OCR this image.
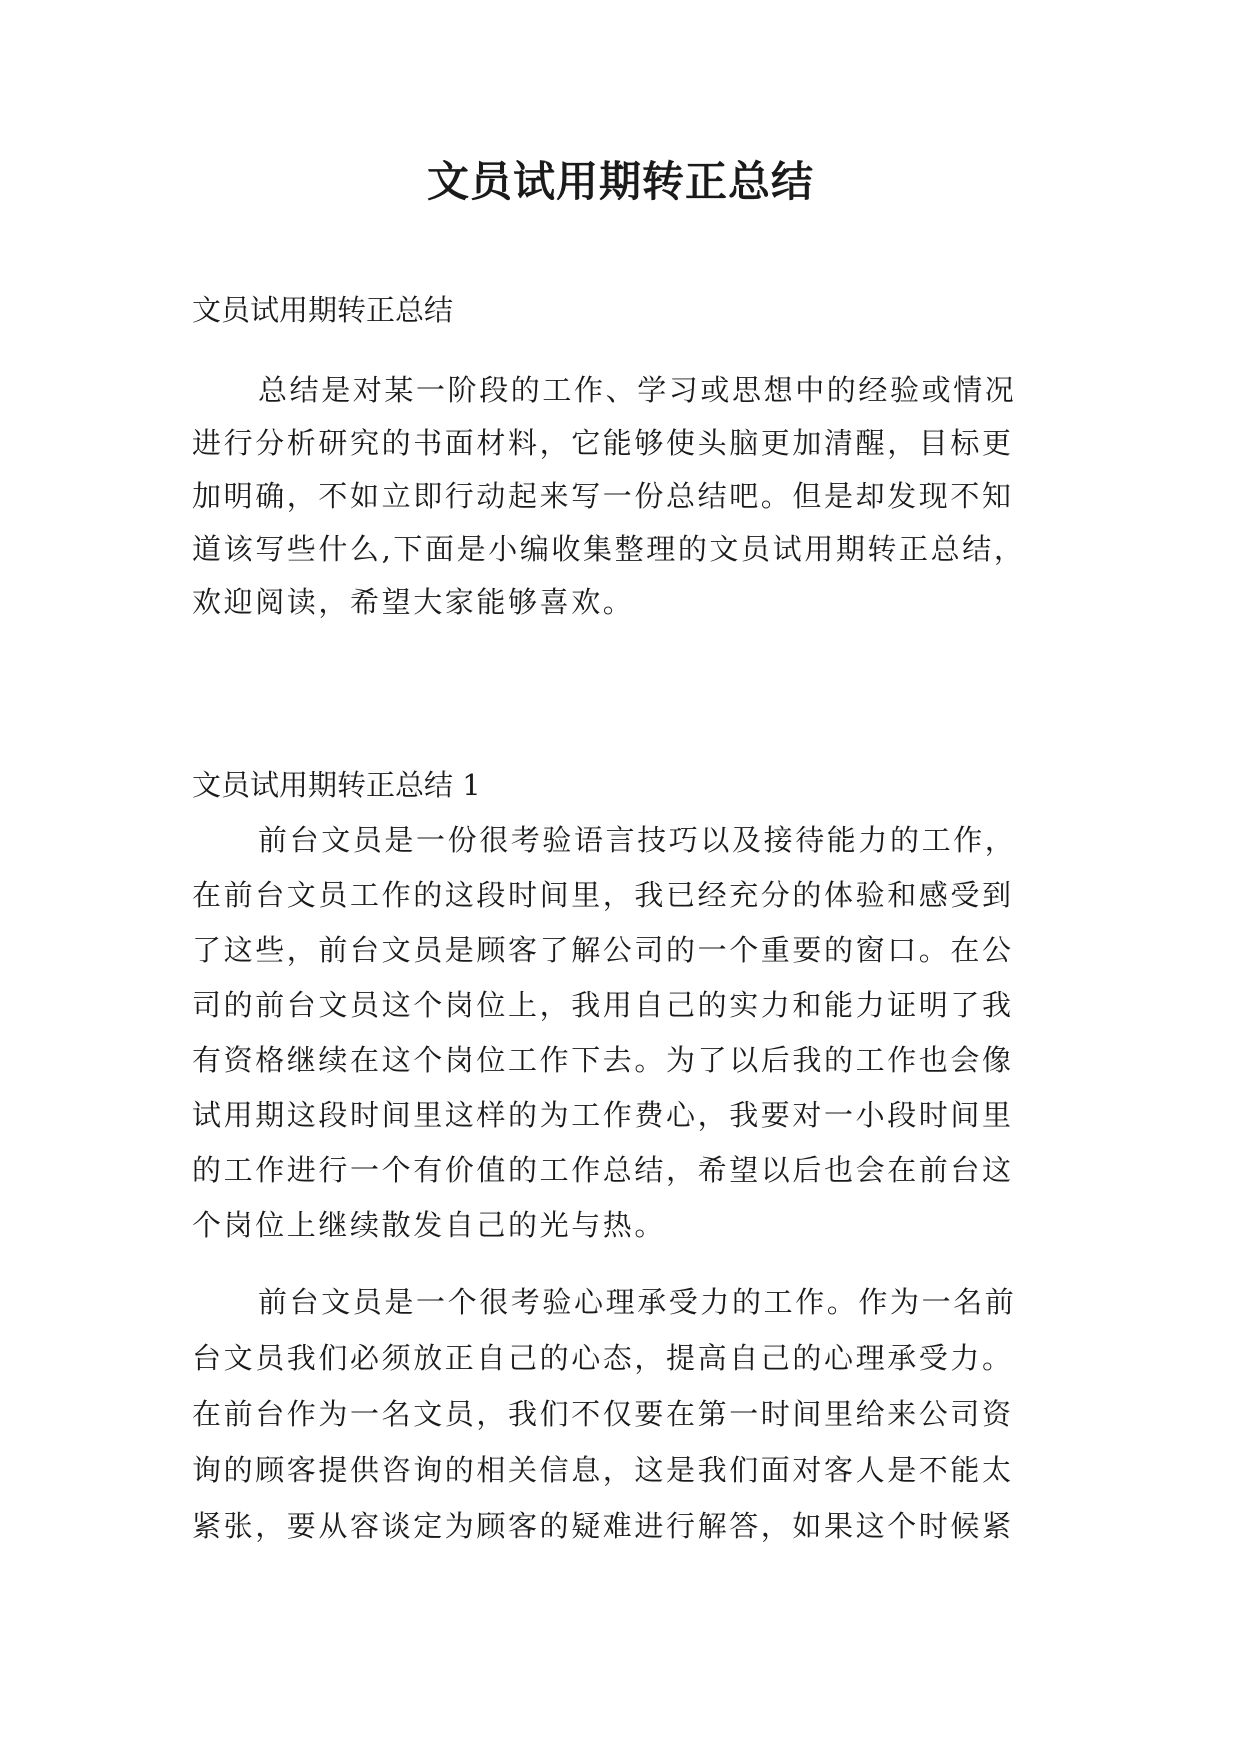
文员试用期转正总结

文员试用期转正总结

总结是对某一阶段的工作、学习或思想中的经验或情况

进行分析研究的书面材料，它能够使头脑更加清醒，目标更

加明确，不如立即行动起来写一份总结吧。但是却发现不知

道该写些什么,下面是小编收集整理的文员试用期转正总结，

欢迎阅读，希望大家能够喜欢。

文员试用期转正总结 1

前台文员是一份很考验语言技巧以及接待能力的工作，

在前台文员工作的这段时间里，我已经充分的体验和感受到

了这些，前台文员是顾客了解公司的一个重要的窗口。在公

司的前台文员这个岗位上，我用自己的实力和能力证明了我

有资格继续在这个岗位工作下去。为了以后我的工作也会像

试用期这段时间里这样的为工作费心，我要对一小段时间里

的工作进行一个有价值的工作总结，希望以后也会在前台这

个岗位上继续散发自己的光与热。

前台文员是一个很考验心理承受力的工作。作为一名前

台文员我们必须放正自己的心态，提高自己的心理承受力。

在前台作为一名文员，我们不仅要在第一时间里给来公司资

询的顾客提供咨询的相关信息，这是我们面对客人是不能太

紧张，要从容谈定为顾客的疑难进行解答，如果这个时候紧
